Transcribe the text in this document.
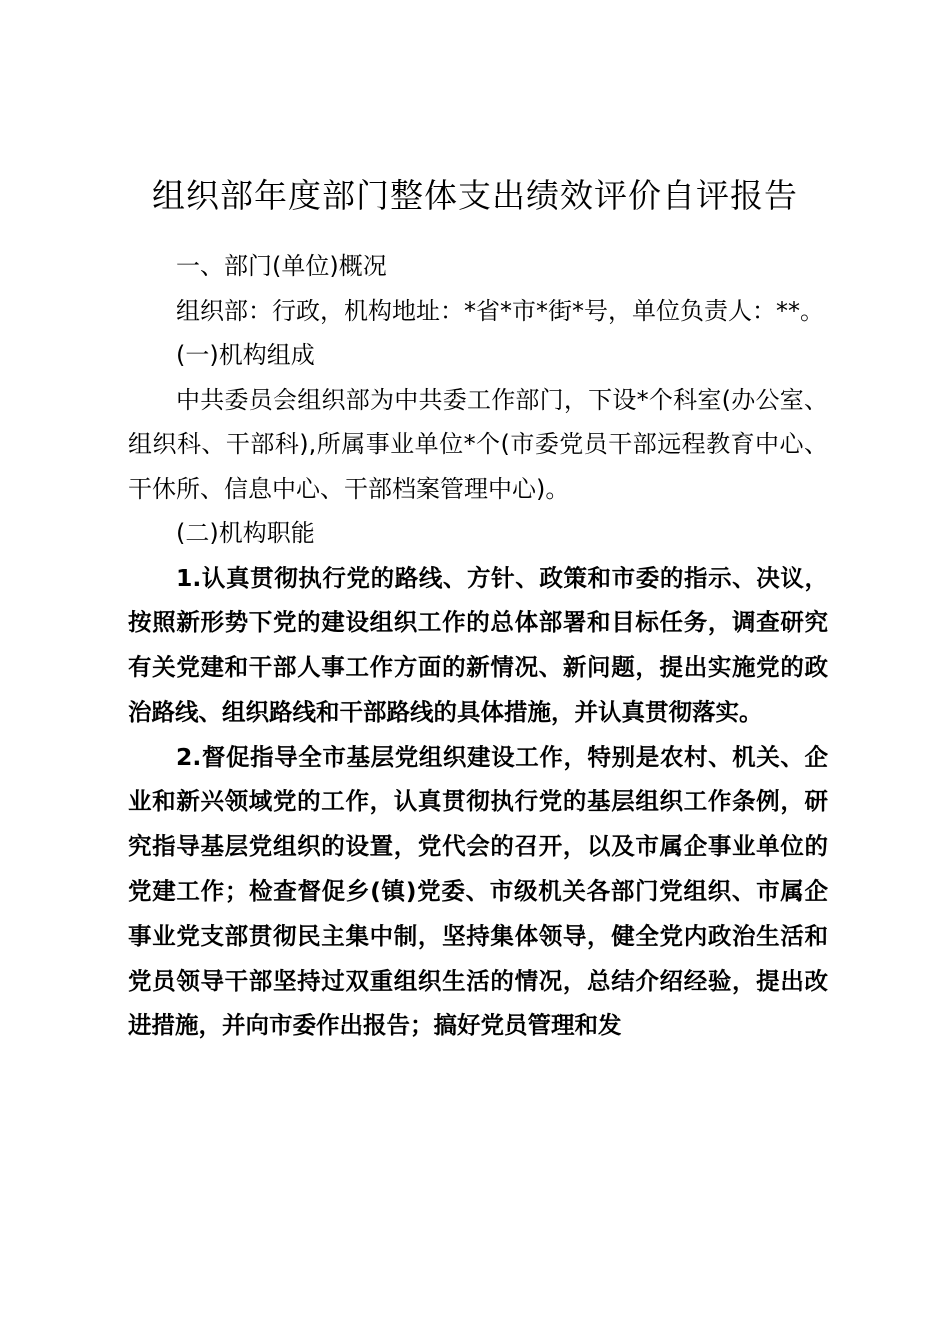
组织部年度部门整体支出绩效评价自评报告

一、部门(单位)概况

组织部：行政，机构地址：*省*市*街*号，单位负责人：**。

(一)机构组成

中共委员会组织部为中共委工作部门，下设*个科室(办公室、组织科、干部科),所属事业单位*个(市委党员干部远程教育中心、干休所、信息中心、干部档案管理中心)。

(二)机构职能

1.认真贯彻执行党的路线、方针、政策和市委的指示、决议，按照新形势下党的建设组织工作的总体部署和目标任务，调查研究有关党建和干部人事工作方面的新情况、新问题，提出实施党的政治路线、组织路线和干部路线的具体措施，并认真贯彻落实。

2.督促指导全市基层党组织建设工作，特别是农村、机关、企业和新兴领域党的工作，认真贯彻执行党的基层组织工作条例，研究指导基层党组织的设置，党代会的召开，以及市属企事业单位的党建工作；检查督促乡(镇)党委、市级机关各部门党组织、市属企事业党支部贯彻民主集中制，坚持集体领导，健全党内政治生活和党员领导干部坚持过双重组织生活的情况，总结介绍经验，提出改进措施，并向市委作出报告；搞好党员管理和发
